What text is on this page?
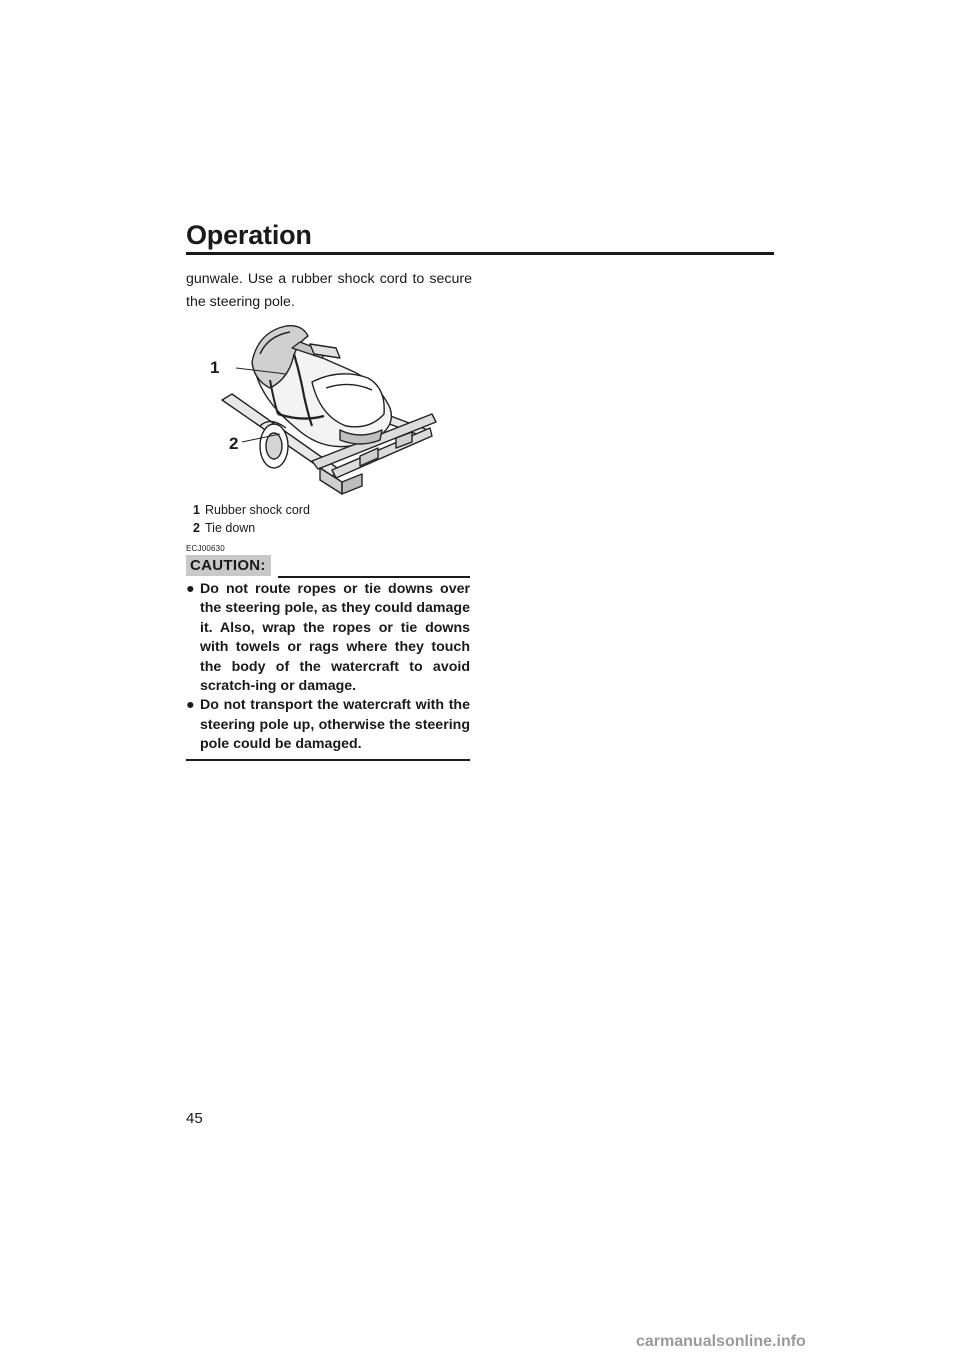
Operation
gunwale. Use a rubber shock cord to secure the steering pole.
1
2
1 Rubber shock cord
2 Tie down
ECJ00630
CAUTION:
● Do not route ropes or tie downs over the steering pole, as they could damage it. Also, wrap the ropes or tie downs with towels or rags where they touch the body of the watercraft to avoid scratch-ing or damage.
● Do not transport the watercraft with the steering pole up, otherwise the steering pole could be damaged.
45
carmanualsonline.info
